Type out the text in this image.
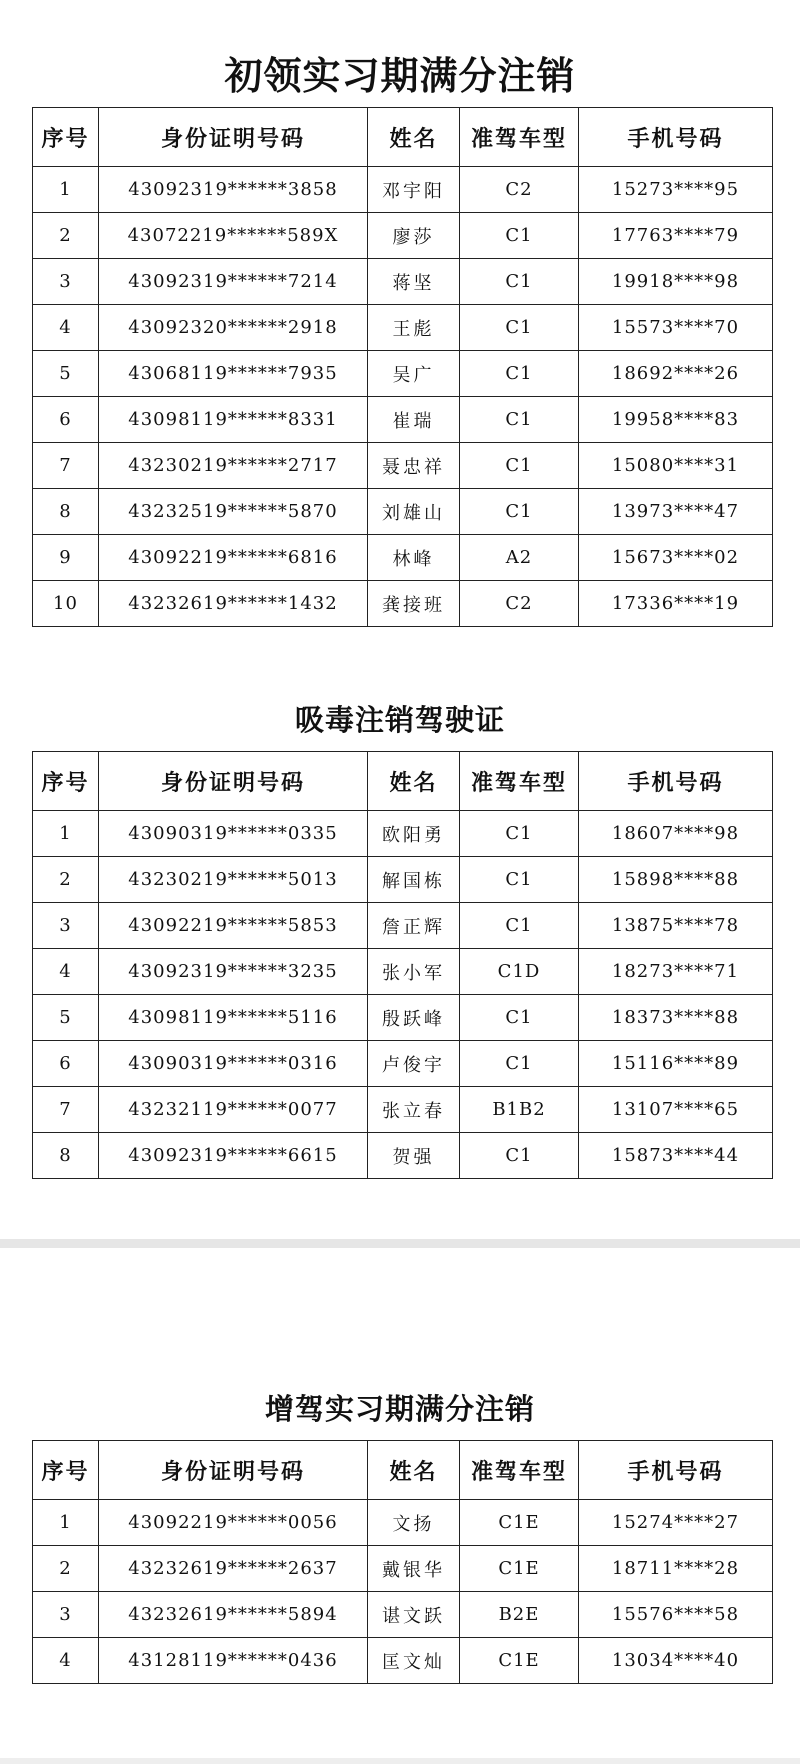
初领实习期满分注销
序号	身份证明号码	姓名	准驾车型	手机号码
1	43092319******3858	邓宇阳	C2	15273****95
2	43072219******589X	廖莎	C1	17763****79
3	43092319******7214	蒋坚	C1	19918****98
4	43092320******2918	王彪	C1	15573****70
5	43068119******7935	吴广	C1	18692****26
6	43098119******8331	崔瑞	C1	19958****83
7	43230219******2717	聂忠祥	C1	15080****31
8	43232519******5870	刘雄山	C1	13973****47
9	43092219******6816	林峰	A2	15673****02
10	43232619******1432	龚接班	C2	17336****19
吸毒注销驾驶证
序号	身份证明号码	姓名	准驾车型	手机号码
1	43090319******0335	欧阳勇	C1	18607****98
2	43230219******5013	解国栋	C1	15898****88
3	43092219******5853	詹正辉	C1	13875****78
4	43092319******3235	张小军	C1D	18273****71
5	43098119******5116	殷跃峰	C1	18373****88
6	43090319******0316	卢俊宇	C1	15116****89
7	43232119******0077	张立春	B1B2	13107****65
8	43092319******6615	贺强	C1	15873****44
增驾实习期满分注销
序号	身份证明号码	姓名	准驾车型	手机号码
1	43092219******0056	文扬	C1E	15274****27
2	43232619******2637	戴银华	C1E	18711****28
3	43232619******5894	谌文跃	B2E	15576****58
4	43128119******0436	匡文灿	C1E	13034****40
